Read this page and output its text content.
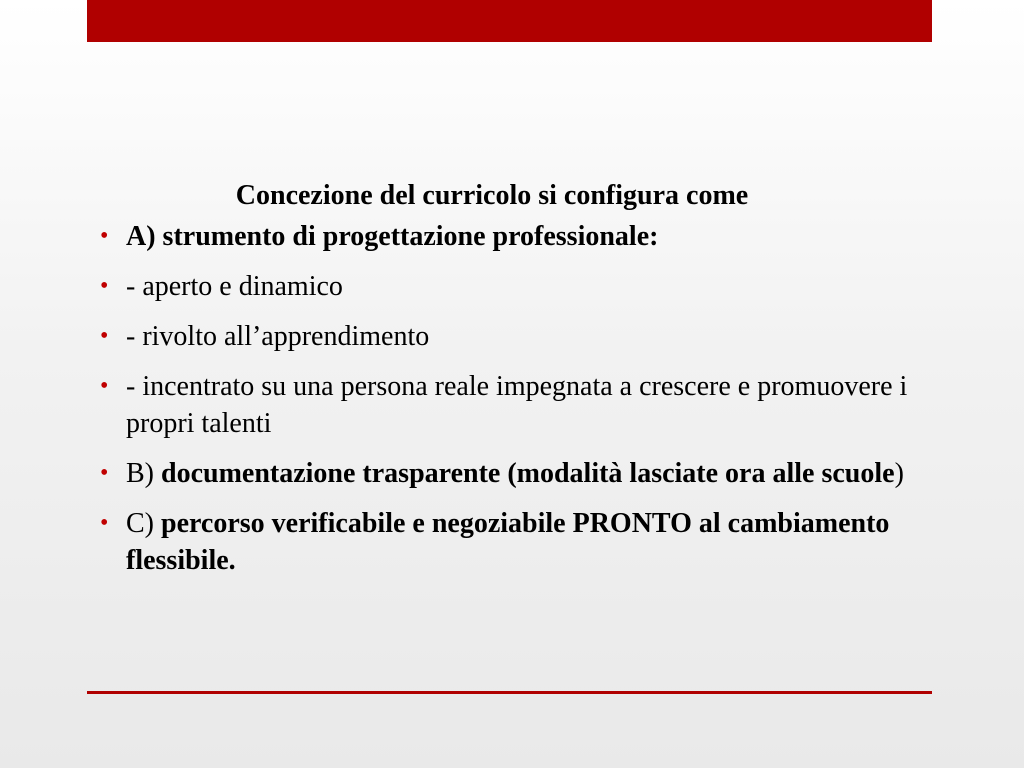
Concezione del curricolo si configura come
• A) strumento di progettazione professionale:
• - aperto e dinamico
• - rivolto all’apprendimento
• - incentrato su una persona reale impegnata a crescere e promuovere i propri talenti
• B) documentazione trasparente (modalità lasciate ora alle scuole)
• C) percorso verificabile e negoziabile PRONTO al cambiamento flessibile.
